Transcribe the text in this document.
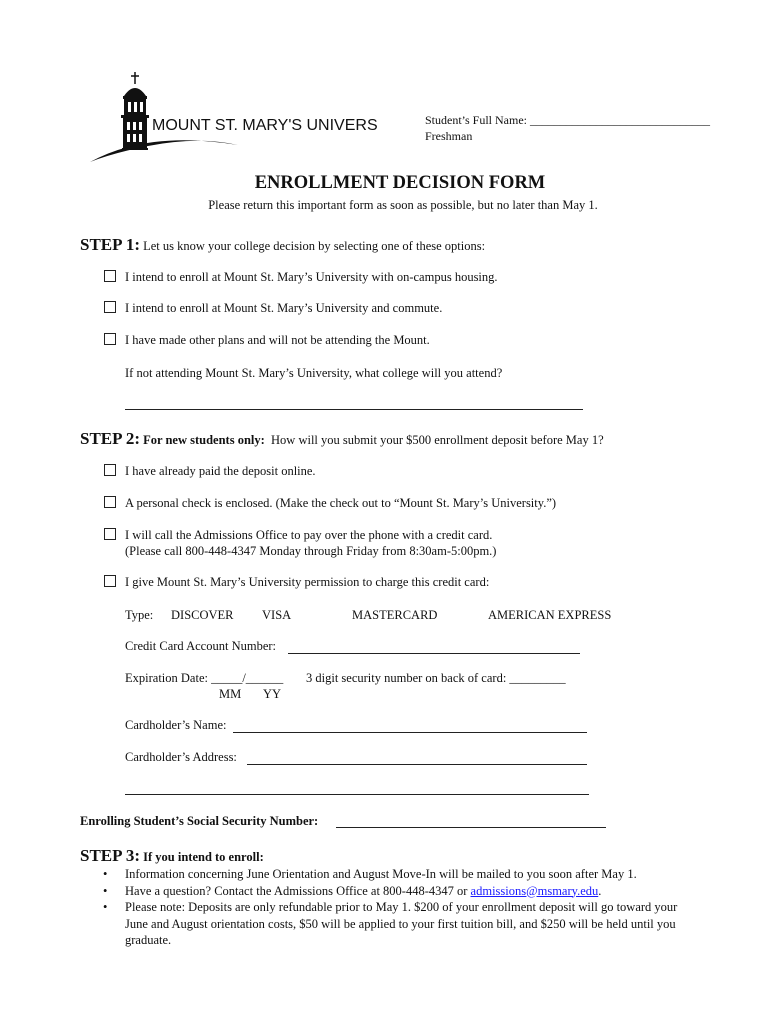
MOUNT ST. MARY'S UNIVERSITY Student’s Full Name: ______________________________
Freshman
ENROLLMENT DECISION FORM
Please return this important form as soon as possible, but no later than May 1.
STEP 1: Let us know your college decision by selecting one of these options:
I intend to enroll at Mount St. Mary’s University with on-campus housing.
I intend to enroll at Mount St. Mary’s University and commute.
I have made other plans and will not be attending the Mount.
If not attending Mount St. Mary’s University, what college will you attend?
STEP 2: For new students only: How will you submit your $500 enrollment deposit before May 1?
I have already paid the deposit online.
A personal check is enclosed. (Make the check out to “Mount St. Mary’s University.”)
I will call the Admissions Office to pay over the phone with a credit card.
(Please call 800-448-4347 Monday through Friday from 8:30am-5:00pm.)
I give Mount St. Mary’s University permission to charge this credit card:
Type: DISCOVER VISA	MASTERCARD	AMERICAN EXPRESS
Credit Card Account Number:
Expiration Date: _____/______
MM YY
3 digit security number on back of card: _________
Cardholder’s Name:
Cardholder’s Address:
Enrolling Student’s Social Security Number:
STEP 3: If you intend to enroll:
• Information concerning June Orientation and August Move-In will be mailed to you soon after May 1.
• Have a question? Contact the Admissions Office at 800-448-4347 or admissions@msmary.edu.
• Please note: Deposits are only refundable prior to May 1. $200 of your enrollment deposit will go toward your
June and August orientation costs, $50 will be applied to your first tuition bill, and $250 will be held until you
graduate.
